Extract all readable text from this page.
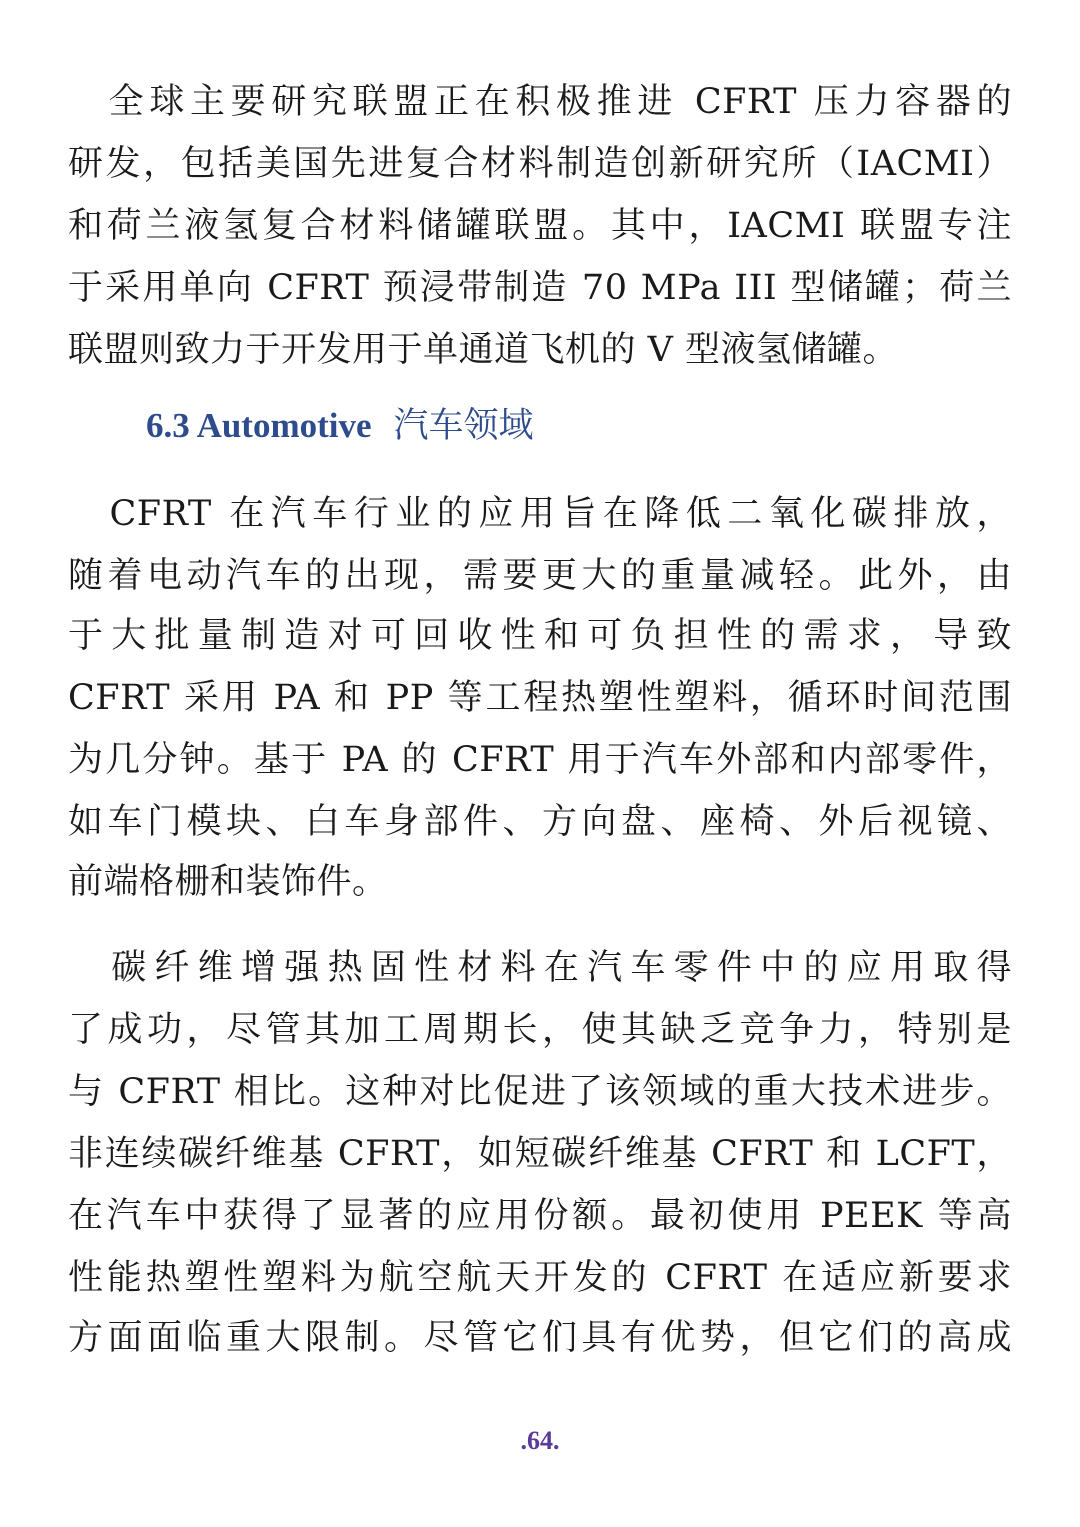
　全球主要研究联盟正在积极推进 CFRT 压力容器的
研发，包括美国先进复合材料制造创新研究所（IACMI）
和荷兰液氢复合材料储罐联盟。其中，IACMI 联盟专注
于采用单向 CFRT 预浸带制造 70 MPa III 型储罐；荷兰
联盟则致力于开发用于单通道飞机的 V 型液氢储罐。
6.3 Automotive 汽车领域
　CFRT 在汽车行业的应用旨在降低二氧化碳排放，
随着电动汽车的出现，需要更大的重量减轻。此外，由
于大批量制造对可回收性和可负担性的需求，导致
CFRT 采用 PA 和 PP 等工程热塑性塑料，循环时间范围
为几分钟。基于 PA 的 CFRT 用于汽车外部和内部零件，
如车门模块、白车身部件、方向盘、座椅、外后视镜、
前端格栅和装饰件。
　碳纤维增强热固性材料在汽车零件中的应用取得
了成功，尽管其加工周期长，使其缺乏竞争力，特别是
与 CFRT 相比。这种对比促进了该领域的重大技术进步。
非连续碳纤维基 CFRT，如短碳纤维基 CFRT 和 LCFT，
在汽车中获得了显著的应用份额。最初使用 PEEK 等高
性能热塑性塑料为航空航天开发的 CFRT 在适应新要求
方面面临重大限制。尽管它们具有优势，但它们的高成
.64.
